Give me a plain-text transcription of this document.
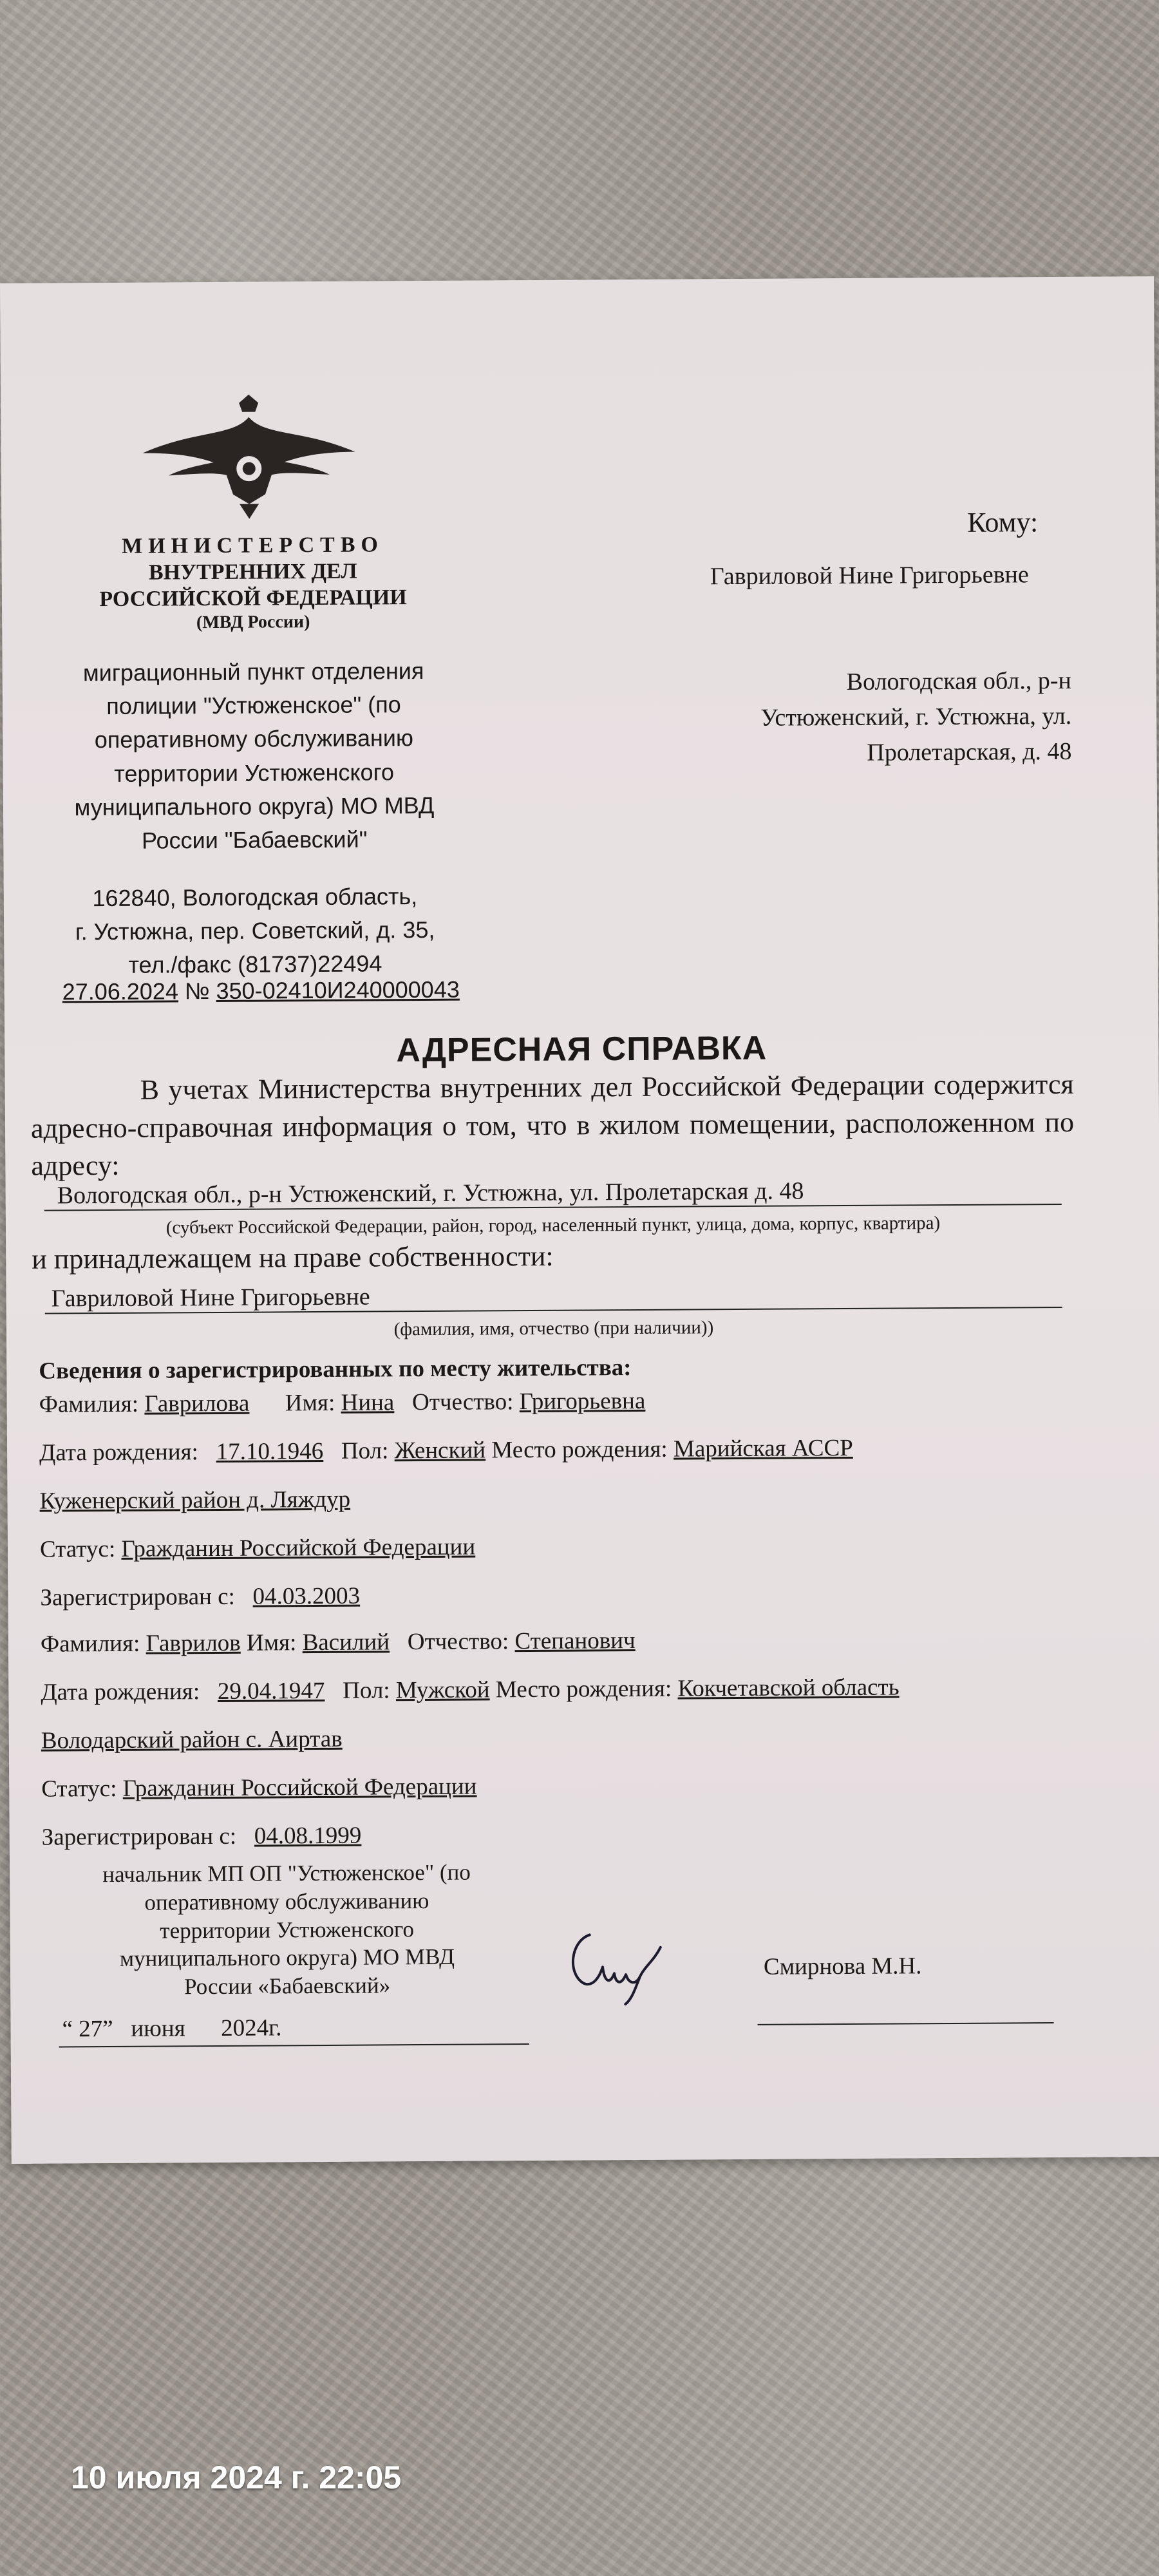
МИНИСТЕРСТВО
ВНУТРЕННИХ ДЕЛ
РОССИЙСКОЙ ФЕДЕРАЦИИ
(МВД России)
миграционный пункт отделения
полиции "Устюженское" (по
оперативному обслуживанию
территории Устюженского
муниципального округа) МО МВД
России "Бабаевский"
162840, Вологодская область,
г. Устюжна, пер. Советский, д. 35,
тел./факс (81737)22494
27.06.2024 № 350-02410И240000043
Кому:
Гавриловой Нине Григорьевне
Вологодская обл., р-н
Устюженский, г. Устюжна, ул.
Пролетарская, д. 48
АДРЕСНАЯ СПРАВКА
В учетах Министерства внутренних дел Российской Федерации содержится адресно-справочная информация о том, что в жилом помещении, расположенном по адресу:
Вологодская обл., р-н Устюженский, г. Устюжна, ул. Пролетарская д. 48
(субъект Российской Федерации, район, город, населенный пункт, улица, дома, корпус, квартира)
и принадлежащем на праве собственности:
Гавриловой Нине Григорьевне
(фамилия, имя, отчество (при наличии))
Сведения о зарегистрированных по месту жительства:
Фамилия: Гаврилова Имя: Нина Отчество: Григорьевна
Дата рождения: 17.10.1946 Пол: Женский Место рождения: Марийская АССР
Куженерский район д. Ляждур
Статус: Гражданин Российской Федерации
Зарегистрирован с: 04.03.2003
Фамилия: Гаврилов Имя: Василий Отчество: Степанович
Дата рождения: 29.04.1947 Пол: Мужской Место рождения: Кокчетавской область
Володарский район с. Аиртав
Статус: Гражданин Российской Федерации
Зарегистрирован с: 04.08.1999
начальник МП ОП "Устюженское" (по
оперативному обслуживанию
территории Устюженского
муниципального округа) МО МВД
России «Бабаевский»
Смирнова М.Н.
“ 27” июня 2024г.
10 июля 2024 г. 22:05
